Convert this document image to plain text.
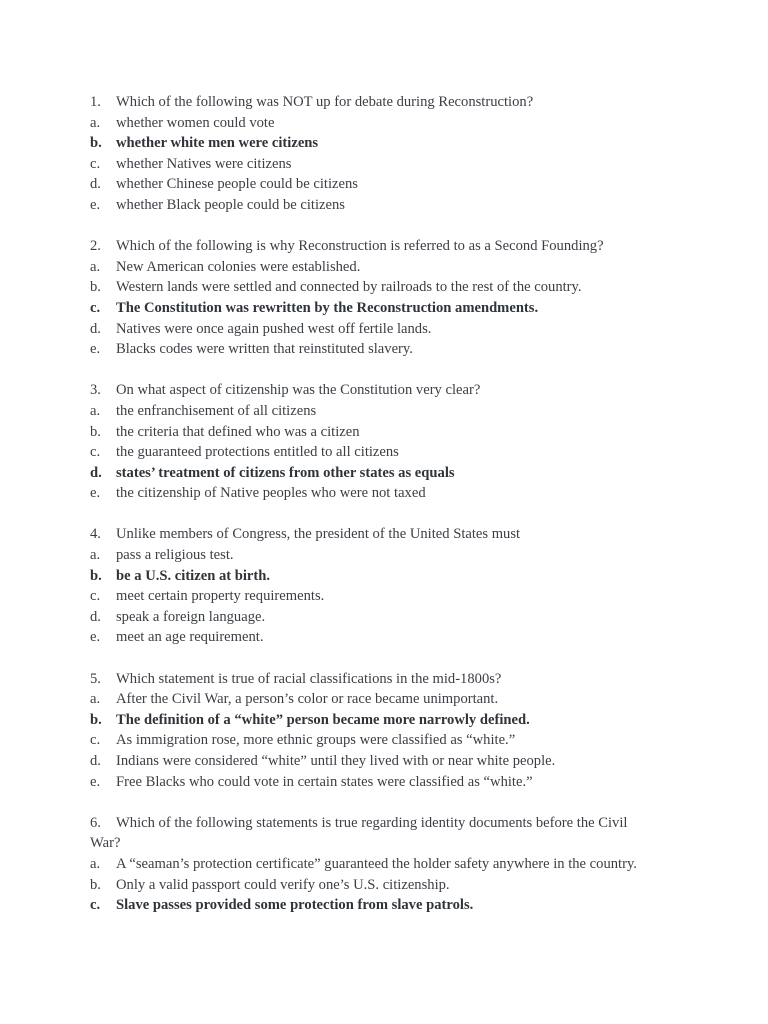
1. Which of the following was NOT up for debate during Reconstruction?
a. whether women could vote
b. whether white men were citizens
c. whether Natives were citizens
d. whether Chinese people could be citizens
e. whether Black people could be citizens
2. Which of the following is why Reconstruction is referred to as a Second Founding?
a. New American colonies were established.
b. Western lands were settled and connected by railroads to the rest of the country.
c. The Constitution was rewritten by the Reconstruction amendments.
d. Natives were once again pushed west off fertile lands.
e. Blacks codes were written that reinstituted slavery.
3. On what aspect of citizenship was the Constitution very clear?
a. the enfranchisement of all citizens
b. the criteria that defined who was a citizen
c. the guaranteed protections entitled to all citizens
d. states’ treatment of citizens from other states as equals
e. the citizenship of Native peoples who were not taxed
4. Unlike members of Congress, the president of the United States must
a. pass a religious test.
b. be a U.S. citizen at birth.
c. meet certain property requirements.
d. speak a foreign language.
e. meet an age requirement.
5. Which statement is true of racial classifications in the mid-1800s?
a. After the Civil War, a person’s color or race became unimportant.
b. The definition of a “white” person became more narrowly defined.
c. As immigration rose, more ethnic groups were classified as “white.”
d. Indians were considered “white” until they lived with or near white people.
e. Free Blacks who could vote in certain states were classified as “white.”
6. Which of the following statements is true regarding identity documents before the Civil War?
a. A “seaman’s protection certificate” guaranteed the holder safety anywhere in the country.
b. Only a valid passport could verify one’s U.S. citizenship.
c. Slave passes provided some protection from slave patrols.
